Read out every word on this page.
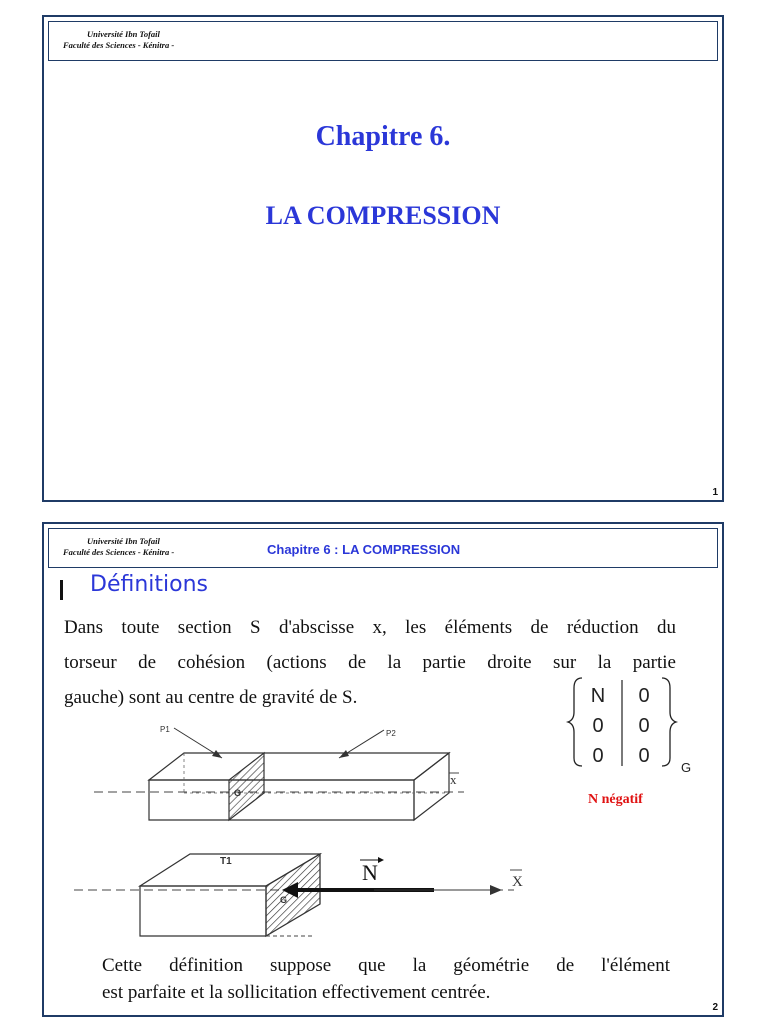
Université Ibn Tofail
Faculté des Sciences - Kénitra -
Chapitre 6.
LA COMPRESSION
1
Université Ibn Tofail
Faculté des Sciences - Kénitra -	Chapitre 6 : LA COMPRESSION
Définitions
Dans toute section S d'abscisse x, les éléments de réduction du
torseur de cohésion (actions de la partie droite sur la partie
gauche) sont au centre de gravité de S.	N 0
0 0
0 0
G
N négatif
P1	P2
G
x
T1
G
N	X
Cette définition suppose que la géométrie de l'élément
est parfaite et la sollicitation effectivement centrée.
2
